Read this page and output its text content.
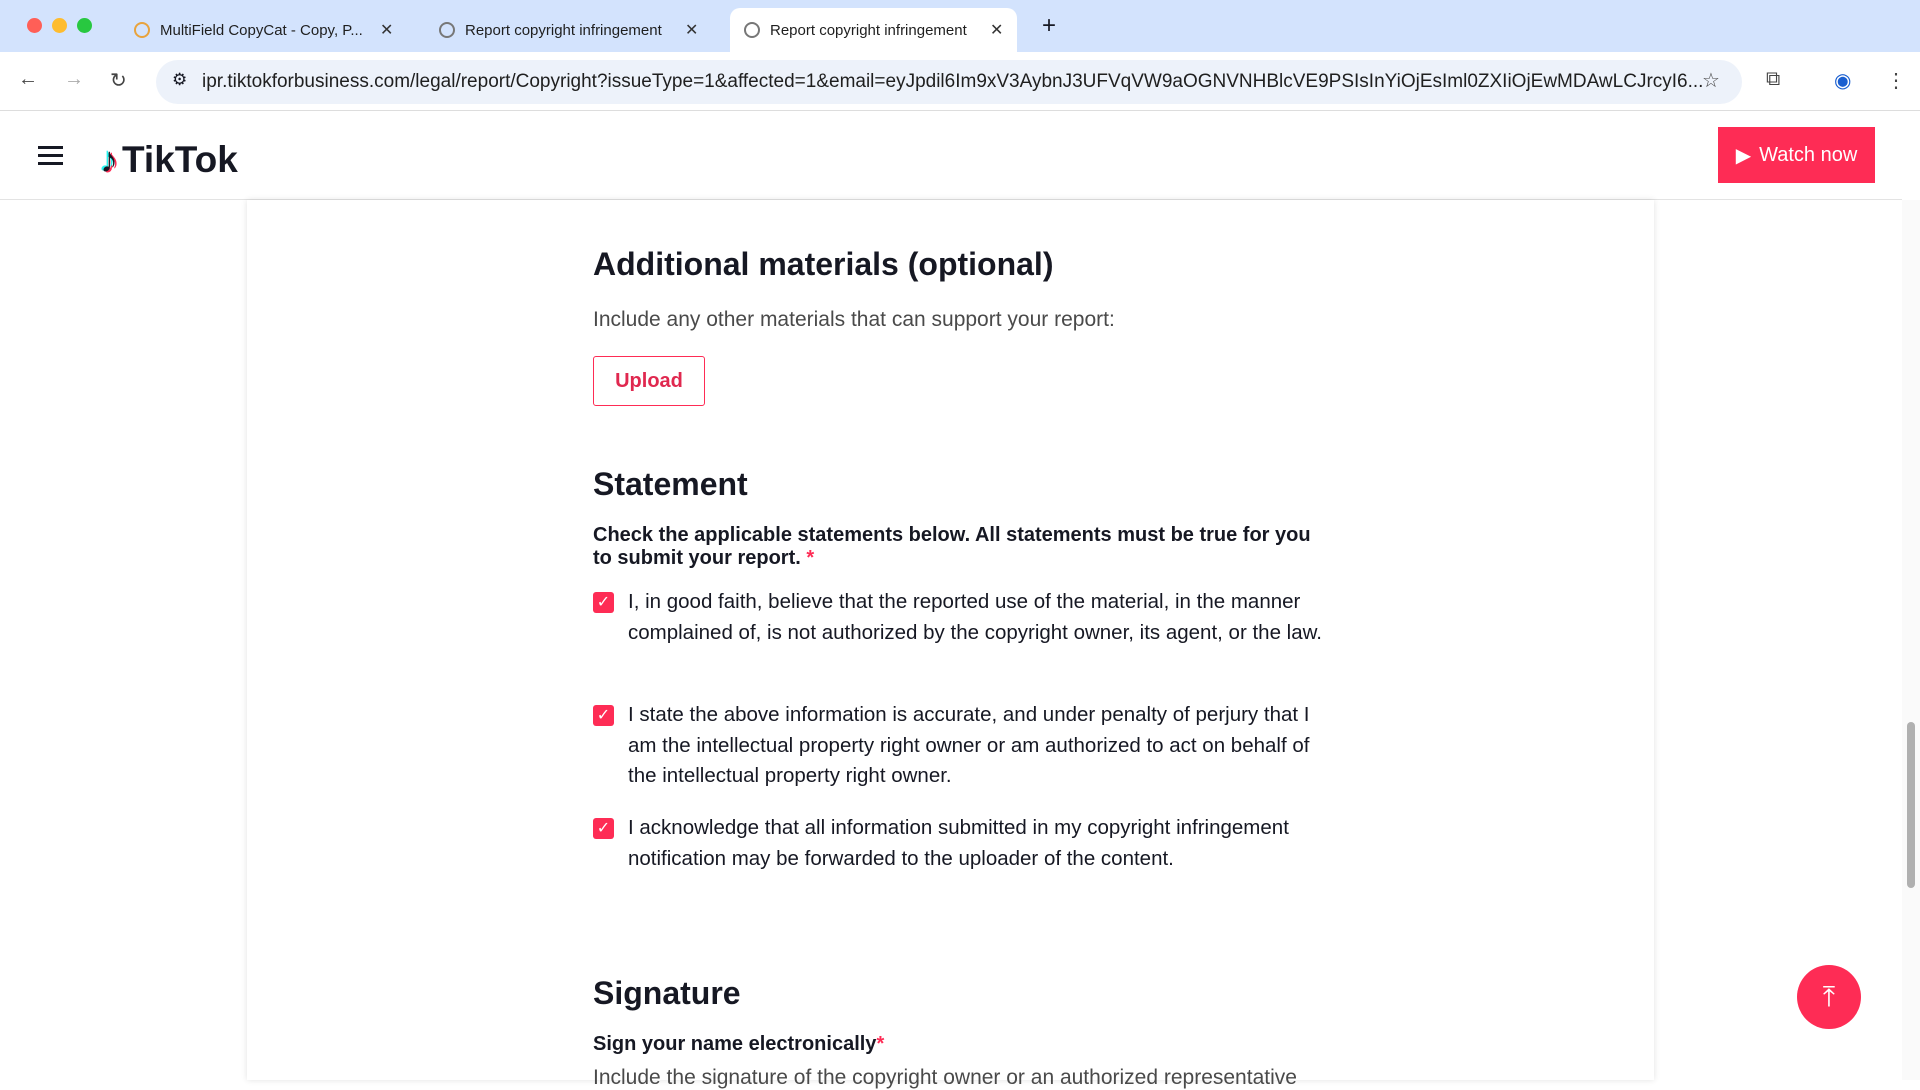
MultiField CopyCat - Copy, P...	✕	Report copyright infringement	✕	Report copyright infringement	✕ +
← → ↻	ipr.tiktokforbusiness.com/legal/report/Copyright?issueType=1&affected=1&email=eyJpdil6Im9xV3AybnJ3UFVqVW9aOGNVNHBlcVE9PSIsInYiOjEsIml0ZXIiOjEwMDAwLCJrcyI6...
⚙	☆ ⧉	◉ ⋮
♪ TikTok	▶ Watch now
Additional materials (optional)
Include any other materials that can support your report:
Upload
Statement
Check the applicable statements below. All statements must be true for you to submit your report. *
✓ I, in good faith, believe that the reported use of the material, in the manner complained of, is not authorized by the copyright owner, its agent, or the law.
✓ I state the above information is accurate, and under penalty of perjury that I am the intellectual property right owner or am authorized to act on behalf of the intellectual property right owner.
✓ I acknowledge that all information submitted in my copyright infringement notification may be forwarded to the uploader of the content.
Signature
Sign your name electronically*
Include the signature of the copyright owner or an authorized representative
⤒
